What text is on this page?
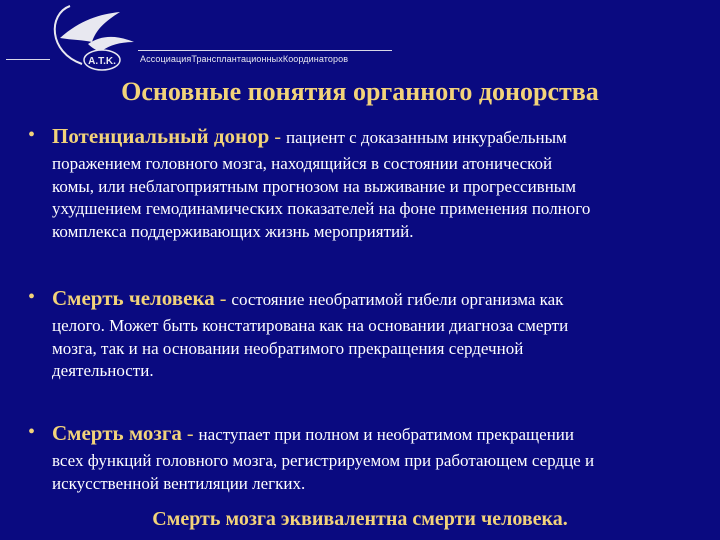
A.T.K.	АссоциацияТрансплантационныхКоординаторов
Основные понятия органного донорства
• Потенциальный донор - пациент с доказанным инкурабельным
поражением головного мозга, находящийся в состоянии атонической
комы, или неблагоприятным прогнозом на выживание и прогрессивным
ухудшением гемодинамических показателей на фоне применения полного
комплекса поддерживающих жизнь мероприятий.
• Смерть человека - состояние необратимой гибели организма как
целого. Может быть констатирована как на основании диагноза смерти
мозга, так и на основании необратимого прекращения сердечной
деятельности.
• Смерть мозга - наступает при полном и необратимом прекращении
всех функций головного мозга, регистрируемом при работающем сердце и
искусственной вентиляции легких.
Смерть мозга эквивалентна смерти человека.
